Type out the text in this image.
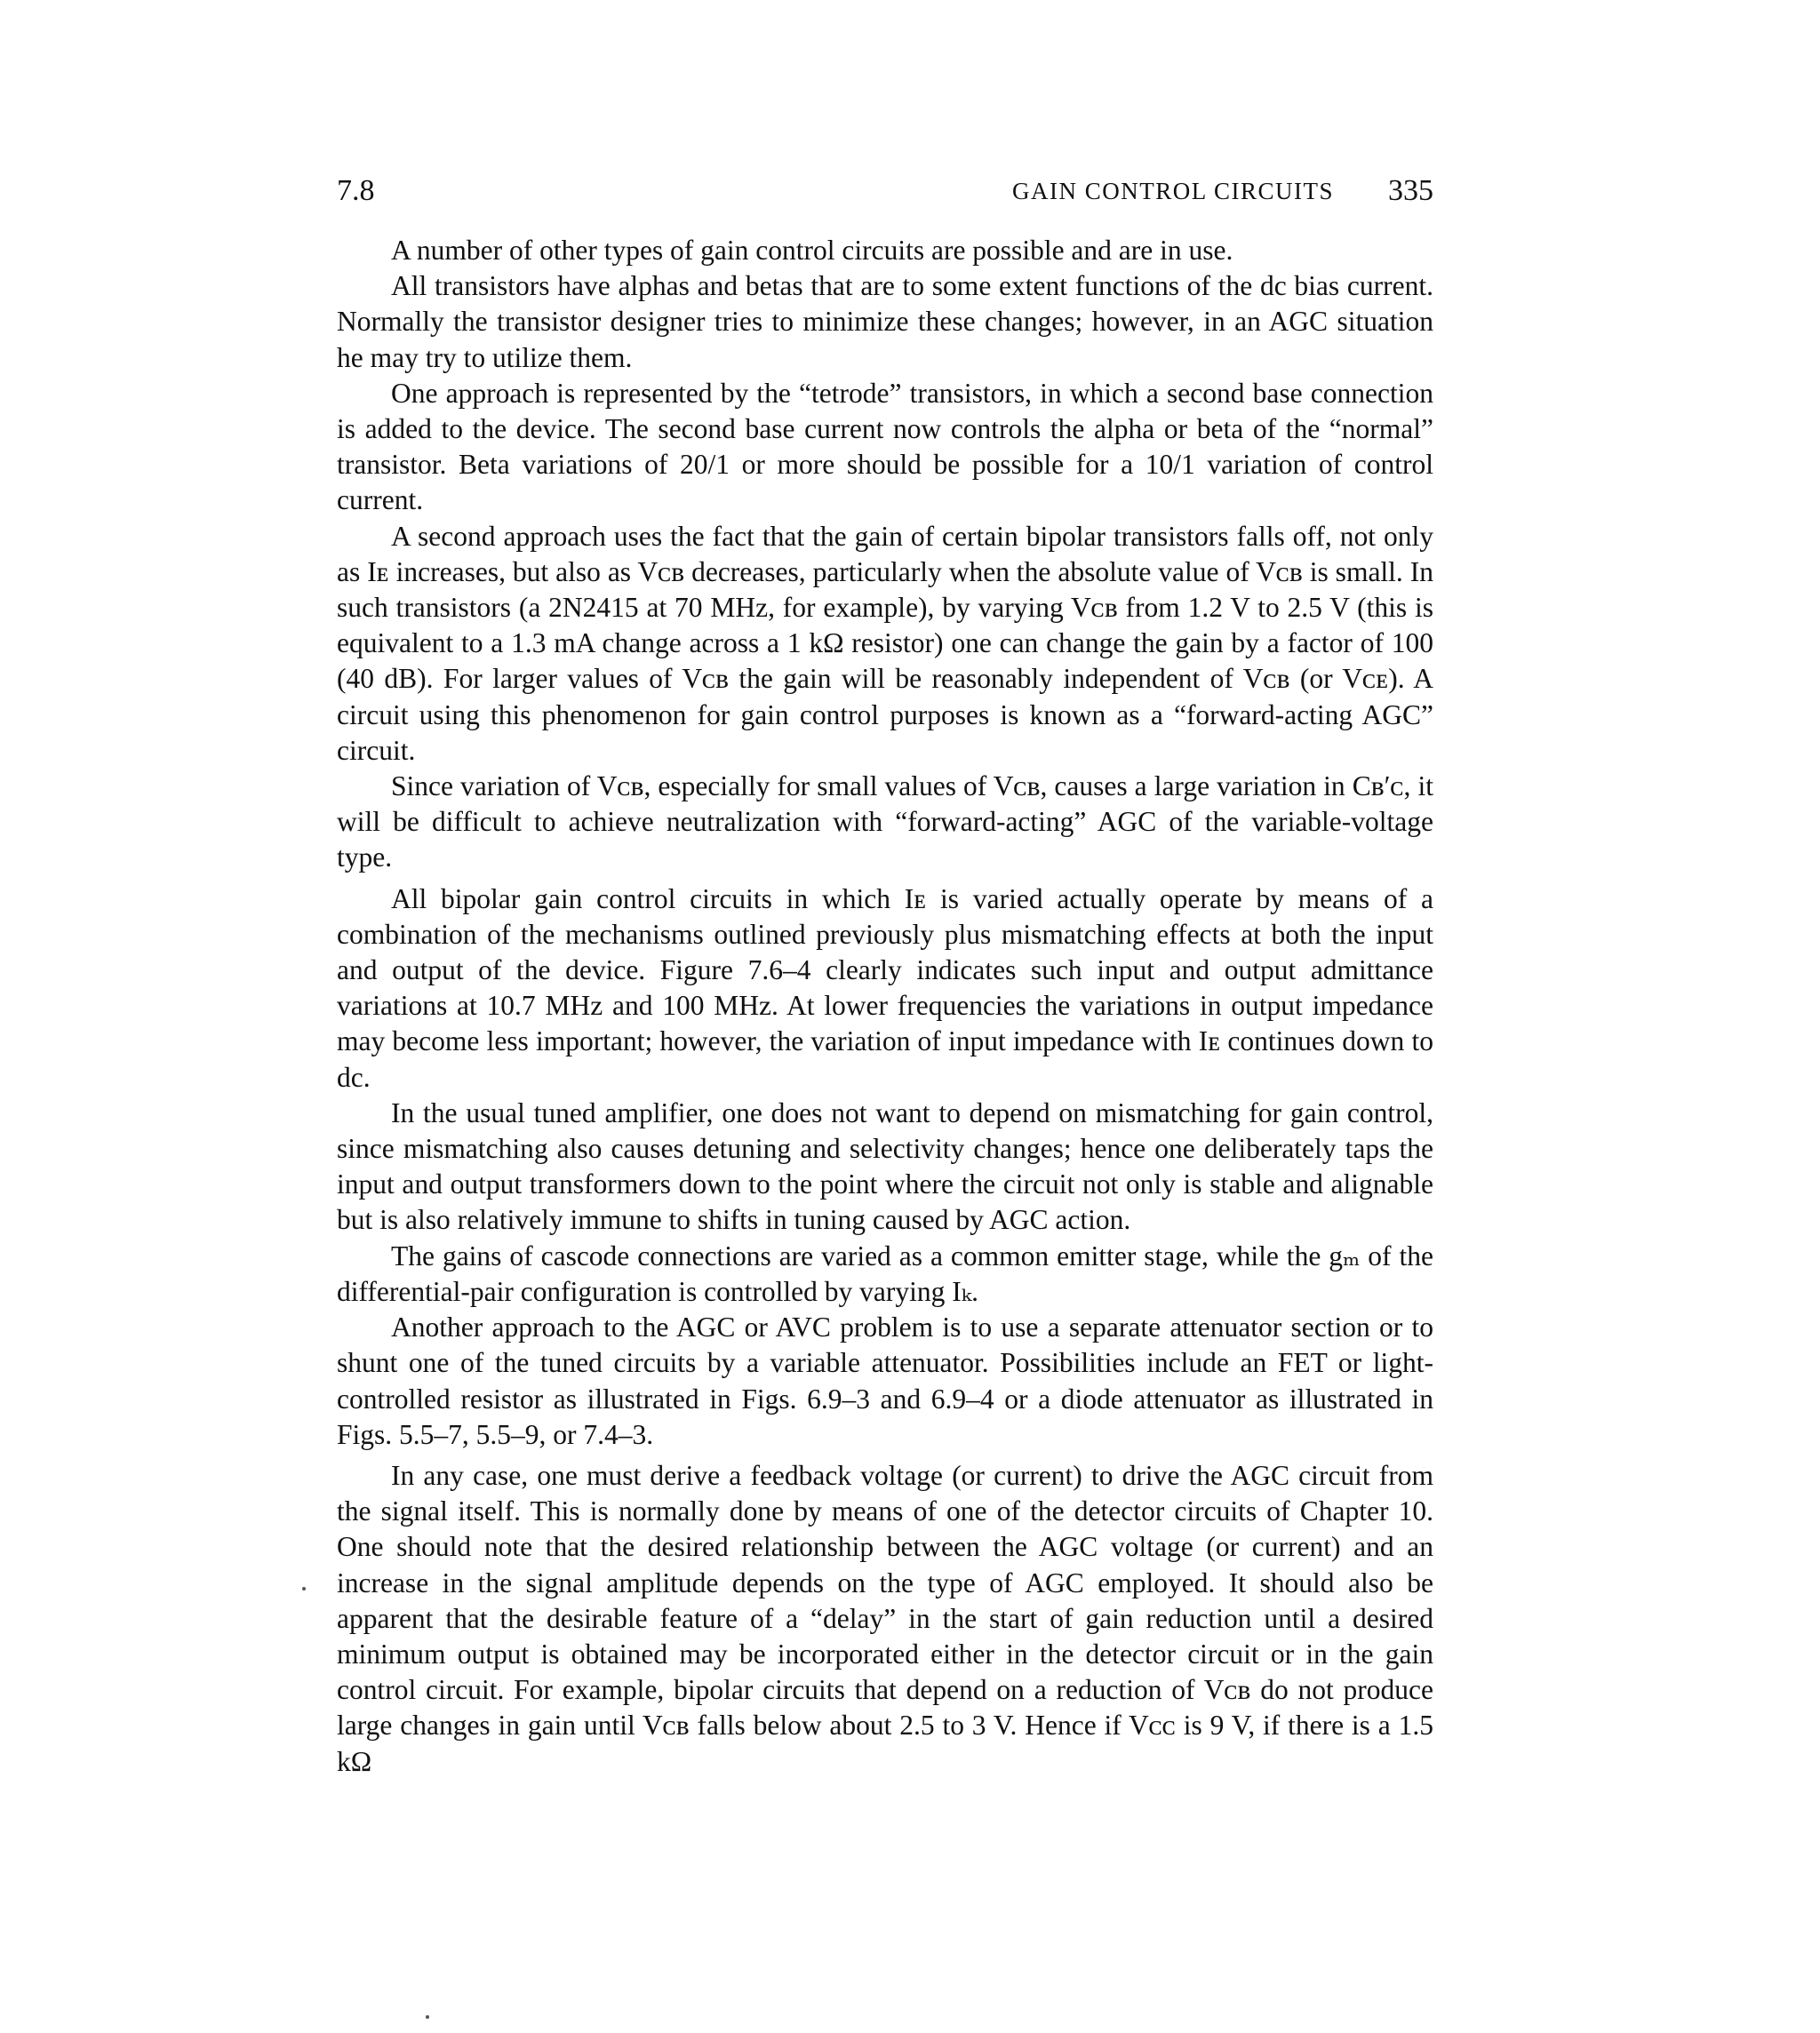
7.8	GAIN CONTROL CIRCUITS 335

A number of other types of gain control circuits are possible and are in use.

All transistors have alphas and betas that are to some extent functions of the dc bias current. Normally the transistor designer tries to minimize these changes; however, in an AGC situation he may try to utilize them.

One approach is represented by the “tetrode” transistors, in which a second base connection is added to the device. The second base current now controls the alpha or beta of the “normal” transistor. Beta variations of 20/1 or more should be possible for a 10/1 variation of control current.

A second approach uses the fact that the gain of certain bipolar transistors falls off, not only as Iᴇ increases, but also as Vᴄʙ decreases, particularly when the absolute value of Vᴄʙ is small. In such transistors (a 2N2415 at 70 MHz, for example), by varying Vᴄʙ from 1.2 V to 2.5 V (this is equivalent to a 1.3 mA change across a 1 kΩ resistor) one can change the gain by a factor of 100 (40 dB). For larger values of Vᴄʙ the gain will be reasonably independent of Vᴄʙ (or Vᴄᴇ). A circuit using this phenomenon for gain control purposes is known as a “forward-acting AGC” circuit.

Since variation of Vᴄʙ, especially for small values of Vᴄʙ, causes a large variation in Cʙ′ᴄ, it will be difficult to achieve neutralization with “forward-acting” AGC of the variable-voltage type.

All bipolar gain control circuits in which Iᴇ is varied actually operate by means of a combination of the mechanisms outlined previously plus mismatching effects at both the input and output of the device. Figure 7.6–4 clearly indicates such input and output admittance variations at 10.7 MHz and 100 MHz. At lower frequencies the variations in output impedance may become less important; however, the variation of input impedance with Iᴇ continues down to dc.

In the usual tuned amplifier, one does not want to depend on mismatching for gain control, since mismatching also causes detuning and selectivity changes; hence one deliberately taps the input and output transformers down to the point where the circuit not only is stable and alignable but is also relatively immune to shifts in tuning caused by AGC action.

The gains of cascode connections are varied as a common emitter stage, while the gₘ of the differential-pair configuration is controlled by varying Iₖ.

Another approach to the AGC or AVC problem is to use a separate attenuator section or to shunt one of the tuned circuits by a variable attenuator. Possibilities include an FET or light-controlled resistor as illustrated in Figs. 6.9–3 and 6.9–4 or a diode attenuator as illustrated in Figs. 5.5–7, 5.5–9, or 7.4–3.

In any case, one must derive a feedback voltage (or current) to drive the AGC circuit from the signal itself. This is normally done by means of one of the detector circuits of Chapter 10. One should note that the desired relationship between the AGC voltage (or current) and an increase in the signal amplitude depends on the type of AGC employed. It should also be apparent that the desirable feature of a “delay” in the start of gain reduction until a desired minimum output is obtained may be incorporated either in the detector circuit or in the gain control circuit. For example, bipolar circuits that depend on a reduction of Vᴄʙ do not produce large changes in gain until Vᴄʙ falls below about 2.5 to 3 V. Hence if Vᴄᴄ is 9 V, if there is a 1.5 kΩ
